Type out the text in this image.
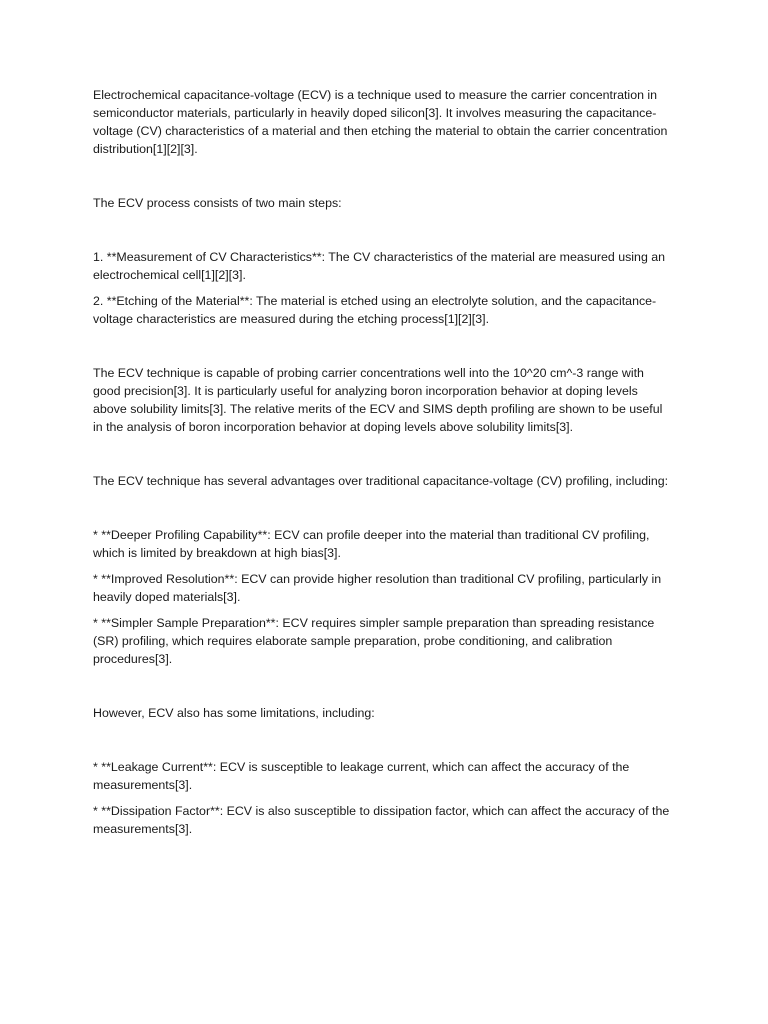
Electrochemical capacitance-voltage (ECV) is a technique used to measure the carrier concentration in semiconductor materials, particularly in heavily doped silicon[3]. It involves measuring the capacitance-voltage (CV) characteristics of a material and then etching the material to obtain the carrier concentration distribution[1][2][3].

The ECV process consists of two main steps:

1. **Measurement of CV Characteristics**: The CV characteristics of the material are measured using an electrochemical cell[1][2][3].

2. **Etching of the Material**: The material is etched using an electrolyte solution, and the capacitance-voltage characteristics are measured during the etching process[1][2][3].

The ECV technique is capable of probing carrier concentrations well into the 10^20 cm^-3 range with good precision[3]. It is particularly useful for analyzing boron incorporation behavior at doping levels above solubility limits[3]. The relative merits of the ECV and SIMS depth profiling are shown to be useful in the analysis of boron incorporation behavior at doping levels above solubility limits[3].

The ECV technique has several advantages over traditional capacitance-voltage (CV) profiling, including:

* **Deeper Profiling Capability**: ECV can profile deeper into the material than traditional CV profiling, which is limited by breakdown at high bias[3].

* **Improved Resolution**: ECV can provide higher resolution than traditional CV profiling, particularly in heavily doped materials[3].

* **Simpler Sample Preparation**: ECV requires simpler sample preparation than spreading resistance (SR) profiling, which requires elaborate sample preparation, probe conditioning, and calibration procedures[3].

However, ECV also has some limitations, including:

* **Leakage Current**: ECV is susceptible to leakage current, which can affect the accuracy of the measurements[3].

* **Dissipation Factor**: ECV is also susceptible to dissipation factor, which can affect the accuracy of the measurements[3].
